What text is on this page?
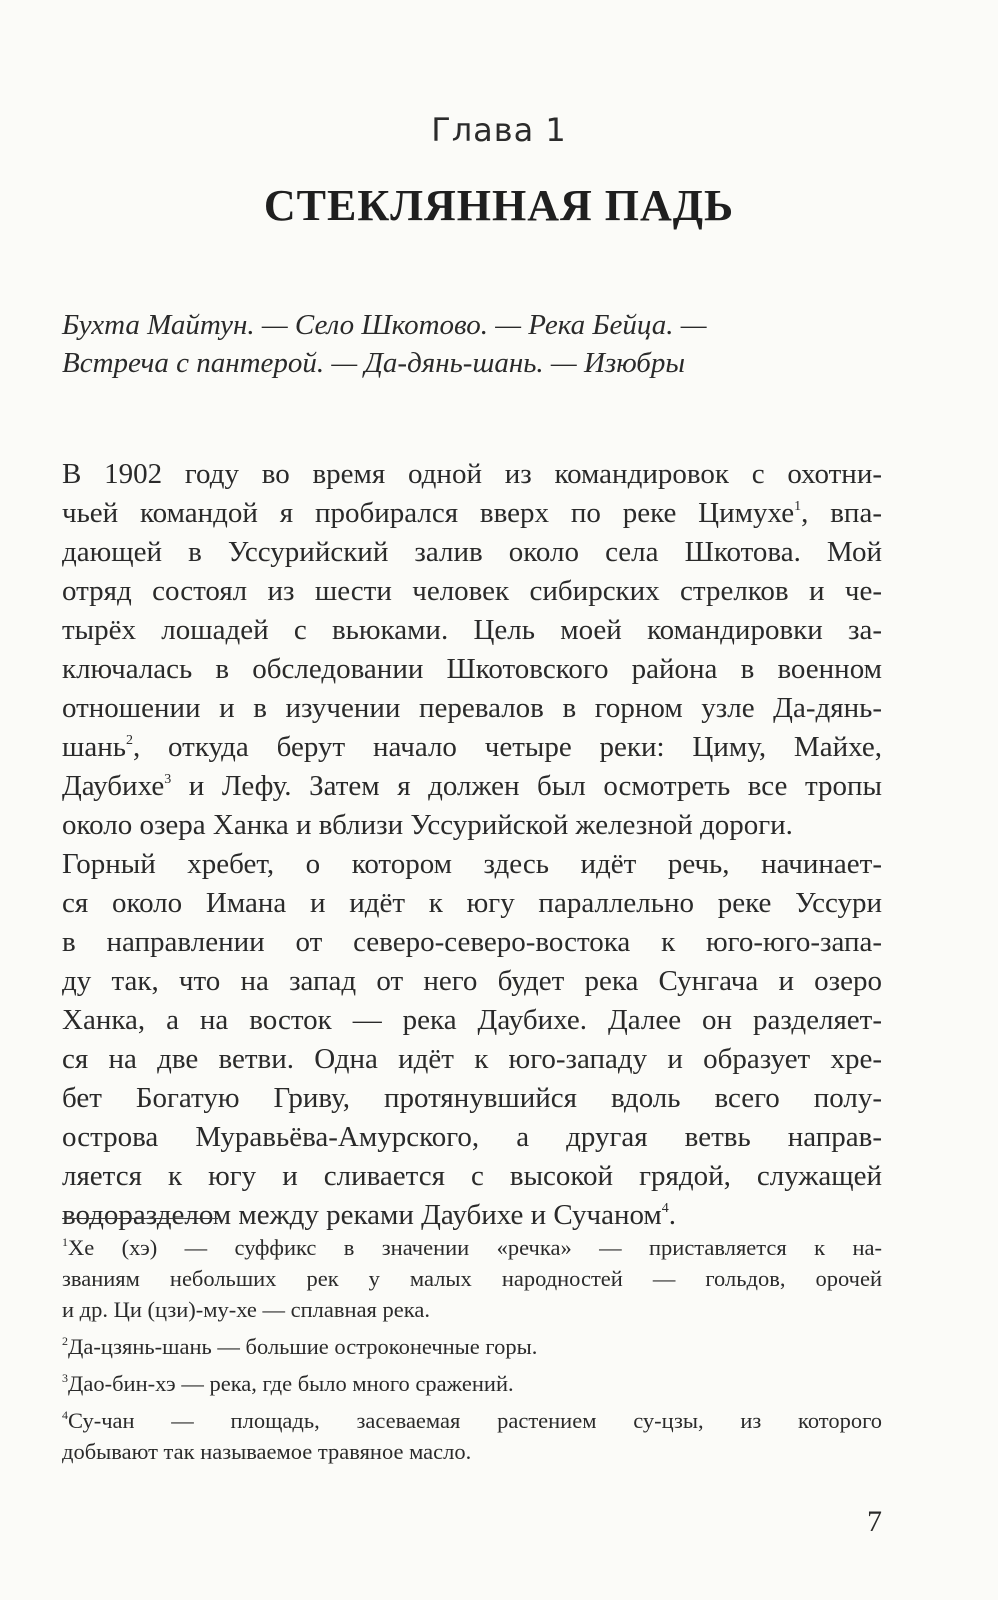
Глава 1
СТЕКЛЯННАЯ ПАДЬ
Бухта Майтун. — Село Шкотово. — Река Бейца. —
Встреча с пантерой. — Да-дянь-шань. — Изюбры
В 1902 году во время одной из командировок с охотни-
чьей командой я пробирался вверх по реке Цимухе$^1$, впа-
дающей в Уссурийский залив около села Шкотова. Мой
отряд состоял из шести человек сибирских стрелков и че-
тырёх лошадей с вьюками. Цель моей командировки за-
ключалась в обследовании Шкотовского района в военном
отношении и в изучении перевалов в горном узле Да-дянь-
шань$^2$, откуда берут начало четыре реки: Циму, Майхе,
Даубихе$^3$ и Лефу. Затем я должен был осмотреть все тропы
около озера Ханка и вблизи Уссурийской железной дороги.
Горный хребет, о котором здесь идёт речь, начинает-
ся около Имана и идёт к югу параллельно реке Уссури
в направлении от северо-северо-востока к юго-юго-запа-
ду так, что на запад от него будет река Сунгача и озеро
Ханка, а на восток — река Даубихе. Далее он разделяет-
ся на две ветви. Одна идёт к юго-западу и образует хре-
бет Богатую Гриву, протянувшийся вдоль всего полу-
острова Муравьёва-Амурского, а другая ветвь направ-
ляется к югу и сливается с высокой грядой, служащей
водоразделом между реками Даубихе и Сучаном$^4$.
$^1$Хе (хэ) — суффикс в значении «речка» — приставляется к на-
званиям небольших рек у малых народностей — гольдов, орочей
и др. Ци (цзи)-му-хе — сплавная река.
$^2$Да-цзянь-шань — большие остроконечные горы.
$^3$Дао-бин-хэ — река, где было много сражений.
$^4$Су-чан — площадь, засеваемая растением су-цзы, из которого
добывают так называемое травяное масло.
7
